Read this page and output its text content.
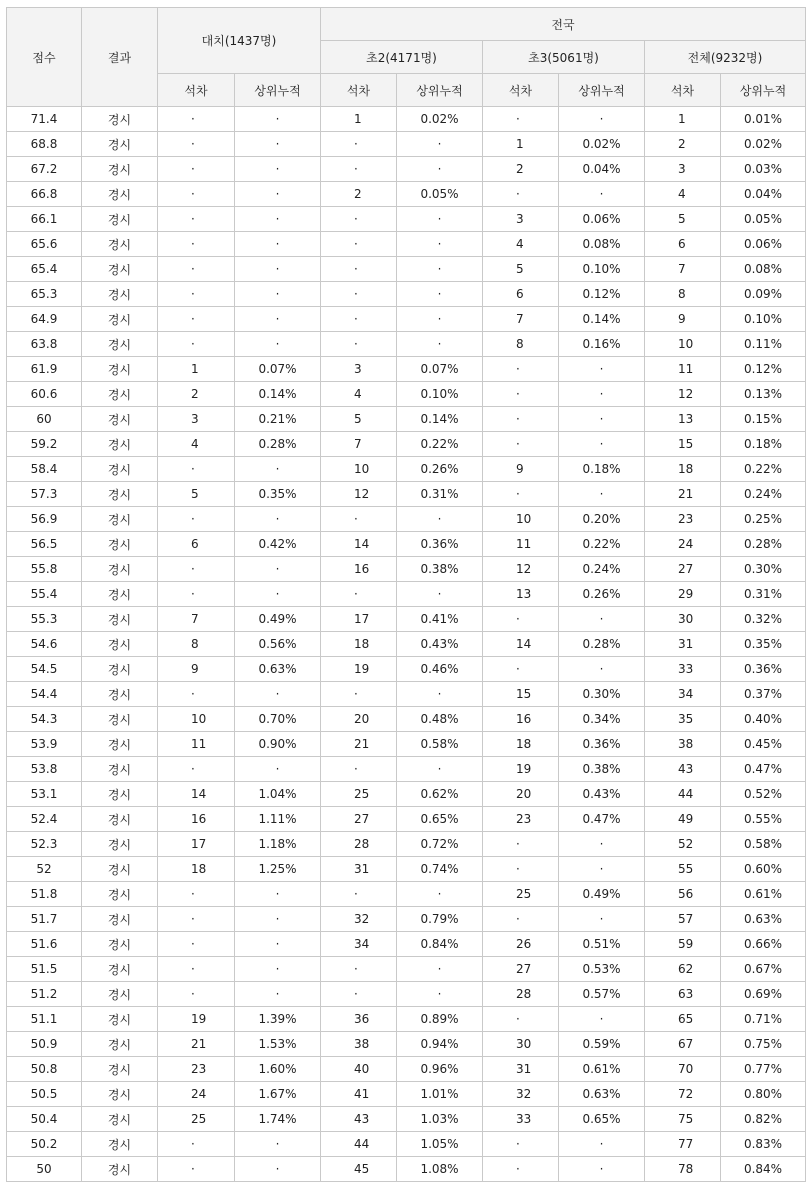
점수	결과	대치(1437명)		전국					
				초2(4171명)		초3(5061명)		전체(9232명)	
		석차	상위누적	석차	상위누적	석차	상위누적	석차	상위누적
71.4	경시	·	·	1	0.02%	·	·	1	0.01%
68.8	경시	·	·	·	·	1	0.02%	2	0.02%
67.2	경시	·	·	·	·	2	0.04%	3	0.03%
66.8	경시	·	·	2	0.05%	·	·	4	0.04%
66.1	경시	·	·	·	·	3	0.06%	5	0.05%
65.6	경시	·	·	·	·	4	0.08%	6	0.06%
65.4	경시	·	·	·	·	5	0.10%	7	0.08%
65.3	경시	·	·	·	·	6	0.12%	8	0.09%
64.9	경시	·	·	·	·	7	0.14%	9	0.10%
63.8	경시	·	·	·	·	8	0.16%	10	0.11%
61.9	경시	1	0.07%	3	0.07%	·	·	11	0.12%
60.6	경시	2	0.14%	4	0.10%	·	·	12	0.13%
60	경시	3	0.21%	5	0.14%	·	·	13	0.15%
59.2	경시	4	0.28%	7	0.22%	·	·	15	0.18%
58.4	경시	·	·	10	0.26%	9	0.18%	18	0.22%
57.3	경시	5	0.35%	12	0.31%	·	·	21	0.24%
56.9	경시	·	·	·	·	10	0.20%	23	0.25%
56.5	경시	6	0.42%	14	0.36%	11	0.22%	24	0.28%
55.8	경시	·	·	16	0.38%	12	0.24%	27	0.30%
55.4	경시	·	·	·	·	13	0.26%	29	0.31%
55.3	경시	7	0.49%	17	0.41%	·	·	30	0.32%
54.6	경시	8	0.56%	18	0.43%	14	0.28%	31	0.35%
54.5	경시	9	0.63%	19	0.46%	·	·	33	0.36%
54.4	경시	·	·	·	·	15	0.30%	34	0.37%
54.3	경시	10	0.70%	20	0.48%	16	0.34%	35	0.40%
53.9	경시	11	0.90%	21	0.58%	18	0.36%	38	0.45%
53.8	경시	·	·	·	·	19	0.38%	43	0.47%
53.1	경시	14	1.04%	25	0.62%	20	0.43%	44	0.52%
52.4	경시	16	1.11%	27	0.65%	23	0.47%	49	0.55%
52.3	경시	17	1.18%	28	0.72%	·	·	52	0.58%
52	경시	18	1.25%	31	0.74%	·	·	55	0.60%
51.8	경시	·	·	·	·	25	0.49%	56	0.61%
51.7	경시	·	·	32	0.79%	·	·	57	0.63%
51.6	경시	·	·	34	0.84%	26	0.51%	59	0.66%
51.5	경시	·	·	·	·	27	0.53%	62	0.67%
51.2	경시	·	·	·	·	28	0.57%	63	0.69%
51.1	경시	19	1.39%	36	0.89%	·	·	65	0.71%
50.9	경시	21	1.53%	38	0.94%	30	0.59%	67	0.75%
50.8	경시	23	1.60%	40	0.96%	31	0.61%	70	0.77%
50.5	경시	24	1.67%	41	1.01%	32	0.63%	72	0.80%
50.4	경시	25	1.74%	43	1.03%	33	0.65%	75	0.82%
50.2	경시	·	·	44	1.05%	·	·	77	0.83%
50	경시	·	·	45	1.08%	·	·	78	0.84%
